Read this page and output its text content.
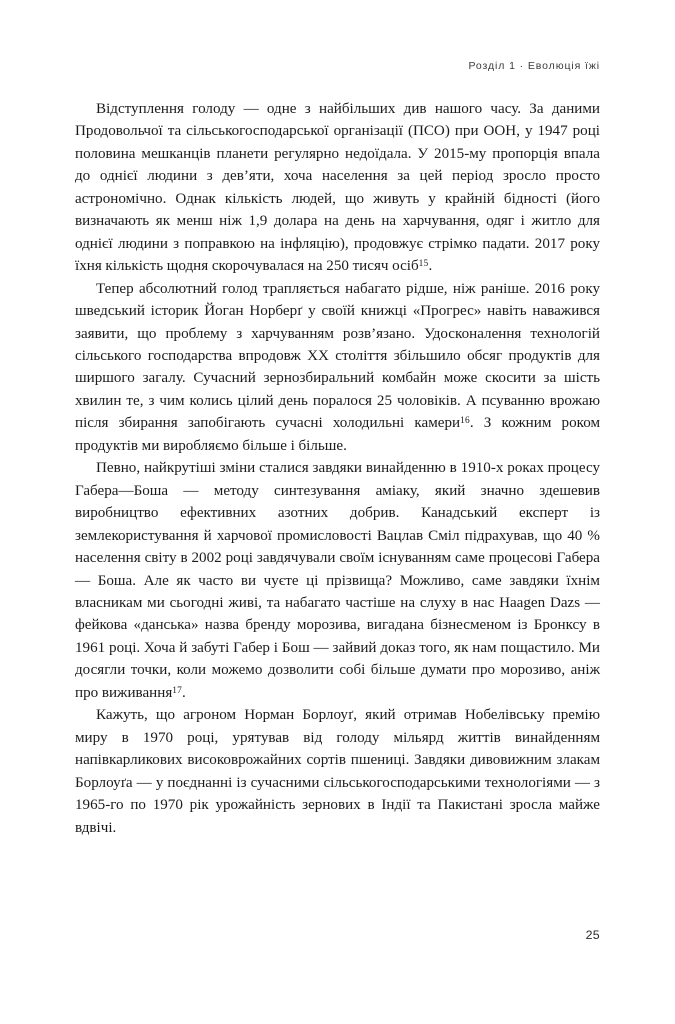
Розділ 1 · Еволюція їжі

Відступлення голоду — одне з найбільших див нашого часу. За даними Продовольчої та сільськогосподарської організації (ПСО) при ООН, у 1947 році половина мешканців планети регулярно недоїдала. У 2015-му пропорція впала до однієї людини з дев’яти, хоча населення за цей період зросло просто астрономічно. Однак кількість людей, що живуть у крайній бідності (його визначають як менш ніж 1,9 долара на день на харчування, одяг і житло для однієї людини з поправкою на інфляцію), продовжує стрімко падати. 2017 року їхня кількість щодня скорочувалася на 250 тисяч осіб$^{15}$.

Тепер абсолютний голод трапляється набагато рідше, ніж раніше. 2016 року шведський історик Йоган Норберґ у своїй книжці «Прогрес» навіть наважився заявити, що проблему з харчуванням розв’язано. Удосконалення технологій сільського господарства впродовж XX століття збільшило обсяг продуктів для ширшого загалу. Сучасний зернозбиральний комбайн може скосити за шість хвилин те, з чим колись цілий день поралося 25 чоловіків. А псуванню врожаю після збирання запобігають сучасні холодильні камери$^{16}$. З кожним роком продуктів ми виробляємо більше і більше.

Певно, найкрутіші зміни сталися завдяки винайденню в 1910-х роках процесу Габера—Боша — методу синтезування аміаку, який значно здешевив виробництво ефективних азотних добрив. Канадський експерт із землекористування й харчової промисловості Вацлав Сміл підрахував, що 40 % населення світу в 2002 році завдячували своїм існуванням саме процесові Габера — Боша. Але як часто ви чуєте ці прізвища? Можливо, саме завдяки їхнім власникам ми сьогодні живі, та набагато частіше на слуху в нас Haagen Dazs — фейкова «данська» назва бренду морозива, вигадана бізнесменом із Бронксу в 1961 році. Хоча й забуті Габер і Бош — зайвий доказ того, як нам пощастило. Ми досягли точки, коли можемо дозволити собі більше думати про морозиво, аніж про виживання$^{17}$.

Кажуть, що агроном Норман Борлоуґ, який отримав Нобелівську премію миру в 1970 році, урятував від голоду мільярд життів винайденням напівкарликових високоврожайних сортів пшениці. Завдяки дивовижним злакам Борлоуґа — у поєднанні із сучасними сільськогосподарськими технологіями — з 1965-го по 1970 рік урожайність зернових в Індії та Пакистані зросла майже вдвічі.

25
